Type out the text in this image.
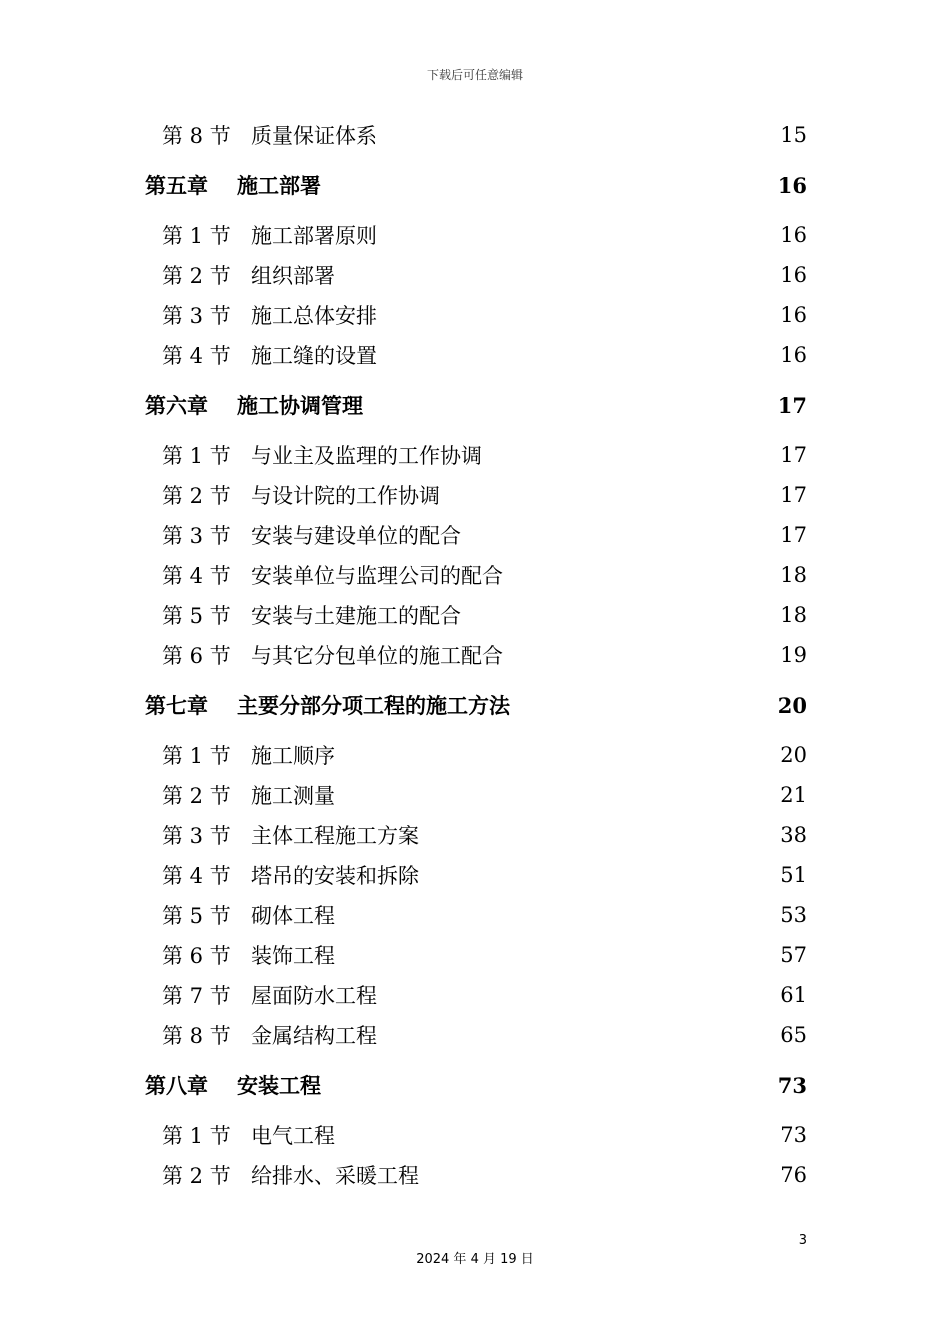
下载后可任意编辑
第 8 节 质量保证体系	15
第五章	施工部署	16
第 1 节 施工部署原则	16
第 2 节 组织部署	16
第 3 节 施工总体安排	16
第 4 节 施工缝的设置	16
第六章	施工协调管理	17
第 1 节 与业主及监理的工作协调	17
第 2 节 与设计院的工作协调	17
第 3 节 安装与建设单位的配合	17
第 4 节 安装单位与监理公司的配合	18
第 5 节 安装与土建施工的配合	18
第 6 节 与其它分包单位的施工配合	19
第七章	主要分部分项工程的施工方法	20
第 1 节 施工顺序	20
第 2 节 施工测量	21
第 3 节 主体工程施工方案	38
第 4 节 塔吊的安装和拆除	51
第 5 节 砌体工程	53
第 6 节 装饰工程	57
第 7 节 屋面防水工程	61
第 8 节 金属结构工程	65
第八章	安装工程	73
第 1 节 电气工程	73
第 2 节 给排水、采暖工程	76
3
2024 年 4 月 19 日
